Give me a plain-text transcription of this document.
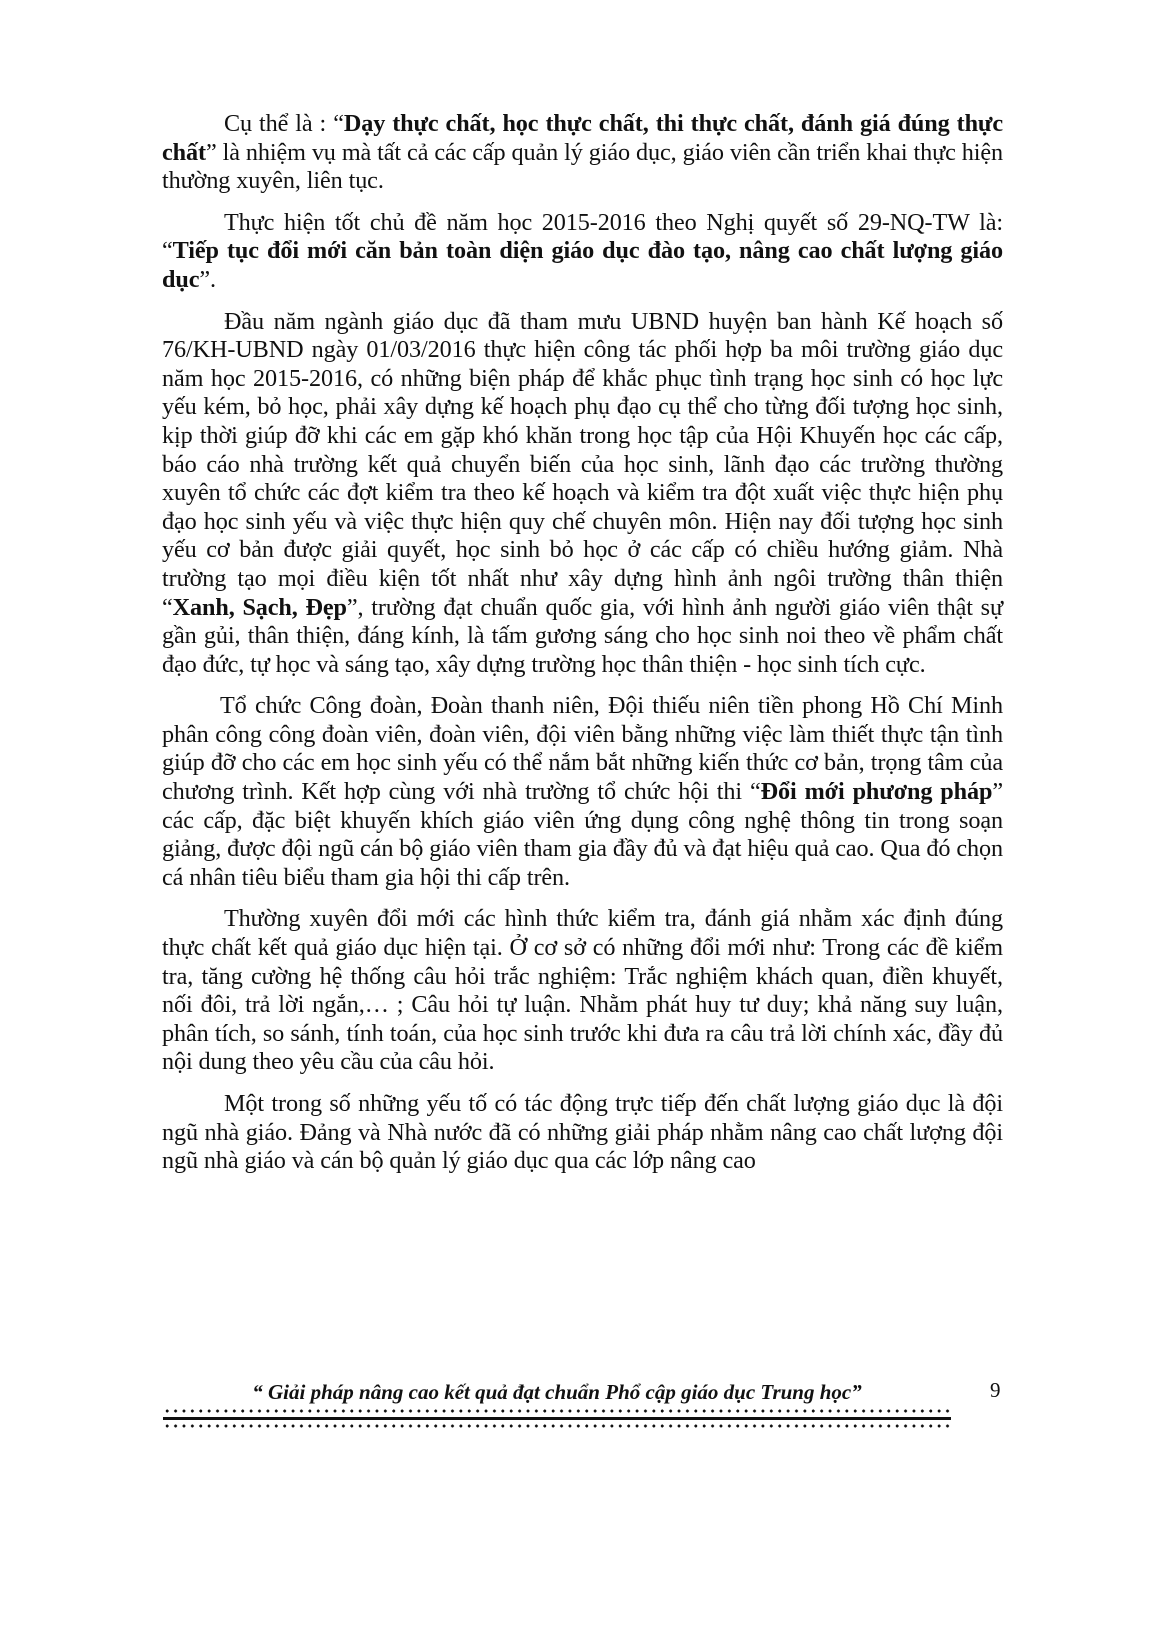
Cụ thể là : “Dạy thực chất, học thực chất, thi thực chất, đánh giá đúng thực chất” là nhiệm vụ mà tất cả các cấp quản lý giáo dục, giáo viên cần triển khai thực hiện thường xuyên, liên tục.

Thực hiện tốt chủ đề năm học 2015-2016 theo Nghị quyết số 29-NQ-TW là: “Tiếp tục đổi mới căn bản toàn diện giáo dục đào tạo, nâng cao chất lượng giáo dục”.

Đầu năm ngành giáo dục đã tham mưu UBND huyện ban hành Kế hoạch số 76/KH-UBND ngày 01/03/2016 thực hiện công tác phối hợp ba môi trường giáo dục năm học 2015-2016, có những biện pháp để khắc phục tình trạng học sinh có học lực yếu kém, bỏ học, phải xây dựng kế hoạch phụ đạo cụ thể cho từng đối tượng học sinh, kịp thời giúp đỡ khi các em gặp khó khăn trong học tập của Hội Khuyến học các cấp, báo cáo nhà trường kết quả chuyển biến của học sinh, lãnh đạo các trường thường xuyên tổ chức các đợt kiểm tra theo kế hoạch và kiểm tra đột xuất việc thực hiện phụ đạo học sinh yếu và việc thực hiện quy chế chuyên môn. Hiện nay đối tượng học sinh yếu cơ bản được giải quyết, học sinh bỏ học ở các cấp có chiều hướng giảm. Nhà trường tạo mọi điều kiện tốt nhất như xây dựng hình ảnh ngôi trường thân thiện “Xanh, Sạch, Đẹp”, trường đạt chuẩn quốc gia, với hình ảnh người giáo viên thật sự gần gủi, thân thiện, đáng kính, là tấm gương sáng cho học sinh noi theo về phẩm chất đạo đức, tự học và sáng tạo, xây dựng trường học thân thiện - học sinh tích cực.

Tổ chức Công đoàn, Đoàn thanh niên, Đội thiếu niên tiền phong Hồ Chí Minh phân công công đoàn viên, đoàn viên, đội viên bằng những việc làm thiết thực tận tình giúp đỡ cho các em học sinh yếu có thể nắm bắt những kiến thức cơ bản, trọng tâm của chương trình. Kết hợp cùng với nhà trường tổ chức hội thi “Đổi mới phương pháp” các cấp, đặc biệt khuyến khích giáo viên ứng dụng công nghệ thông tin trong soạn giảng, được đội ngũ cán bộ giáo viên tham gia đầy đủ và đạt hiệu quả cao. Qua đó chọn cá nhân tiêu biểu tham gia hội thi cấp trên.

Thường xuyên đổi mới các hình thức kiểm tra, đánh giá nhằm xác định đúng thực chất kết quả giáo dục hiện tại. Ở cơ sở có những đổi mới như: Trong các đề kiểm tra, tăng cường hệ thống câu hỏi trắc nghiệm: Trắc nghiệm khách quan, điền khuyết, nối đôi, trả lời ngắn,… ; Câu hỏi tự luận. Nhằm phát huy tư duy; khả năng suy luận, phân tích, so sánh, tính toán, của học sinh trước khi đưa ra câu trả lời chính xác, đầy đủ nội dung theo yêu cầu của câu hỏi.

Một trong số những yếu tố có tác động trực tiếp đến chất lượng giáo dục là đội ngũ nhà giáo. Đảng và Nhà nước đã có những giải pháp nhằm nâng cao chất lượng đội ngũ nhà giáo và cán bộ quản lý giáo dục qua các lớp nâng cao

“ Giải pháp nâng cao kết quả đạt chuẩn Phổ cập giáo dục Trung học”	9
